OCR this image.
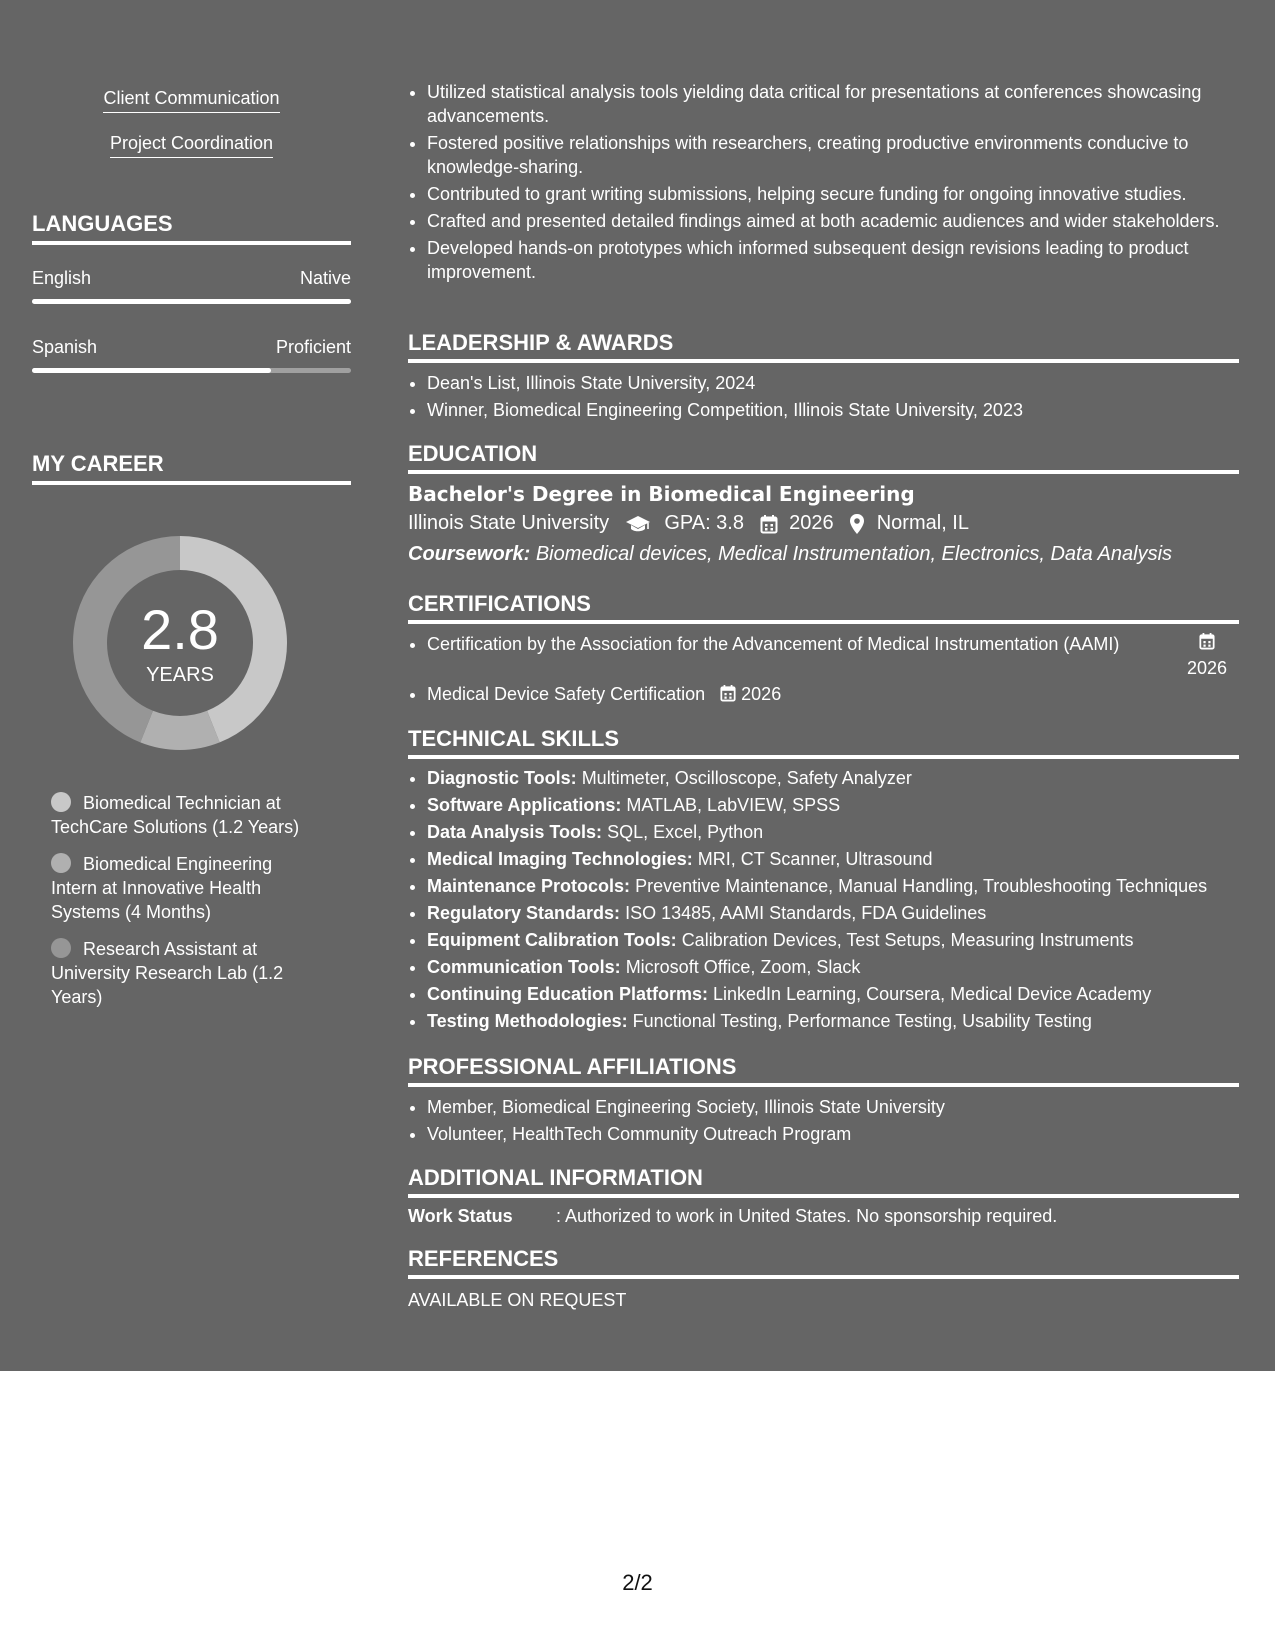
Client Communication
Project Coordination
LANGUAGES
English	Native
Spanish	Proficient
MY CAREER
2.8
YEARS
Biomedical Technician at TechCare Solutions (1.2 Years)
Biomedical Engineering Intern at Innovative Health Systems (4 Months)
Research Assistant at University Research Lab (1.2 Years)
• Utilized statistical analysis tools yielding data critical for presentations at conferences showcasing advancements.
• Fostered positive relationships with researchers, creating productive environments conducive to knowledge-sharing.
• Contributed to grant writing submissions, helping secure funding for ongoing innovative studies.
• Crafted and presented detailed findings aimed at both academic audiences and wider stakeholders.
• Developed hands-on prototypes which informed subsequent design revisions leading to product improvement.
LEADERSHIP & AWARDS
• Dean's List, Illinois State University, 2024
• Winner, Biomedical Engineering Competition, Illinois State University, 2023
EDUCATION
Bachelor's Degree in Biomedical Engineering
Illinois State University	GPA: 3.8 2026 Normal, IL
Coursework: Biomedical devices, Medical Instrumentation, Electronics, Data Analysis
CERTIFICATIONS
• Certification by the Association for the Advancement of Medical Instrumentation (AAMI)

2026

• Medical Device Safety Certification 2026
TECHNICAL SKILLS
• Diagnostic Tools: Multimeter, Oscilloscope, Safety Analyzer
• Software Applications: MATLAB, LabVIEW, SPSS
• Data Analysis Tools: SQL, Excel, Python
• Medical Imaging Technologies: MRI, CT Scanner, Ultrasound
• Maintenance Protocols: Preventive Maintenance, Manual Handling, Troubleshooting Techniques
• Regulatory Standards: ISO 13485, AAMI Standards, FDA Guidelines
• Equipment Calibration Tools: Calibration Devices, Test Setups, Measuring Instruments
• Communication Tools: Microsoft Office, Zoom, Slack
• Continuing Education Platforms: LinkedIn Learning, Coursera, Medical Device Academy
• Testing Methodologies: Functional Testing, Performance Testing, Usability Testing
PROFESSIONAL AFFILIATIONS
• Member, Biomedical Engineering Society, Illinois State University
• Volunteer, HealthTech Community Outreach Program
ADDITIONAL INFORMATION
Work Status : Authorized to work in United States. No sponsorship required.
REFERENCES
AVAILABLE ON REQUEST
2/2
